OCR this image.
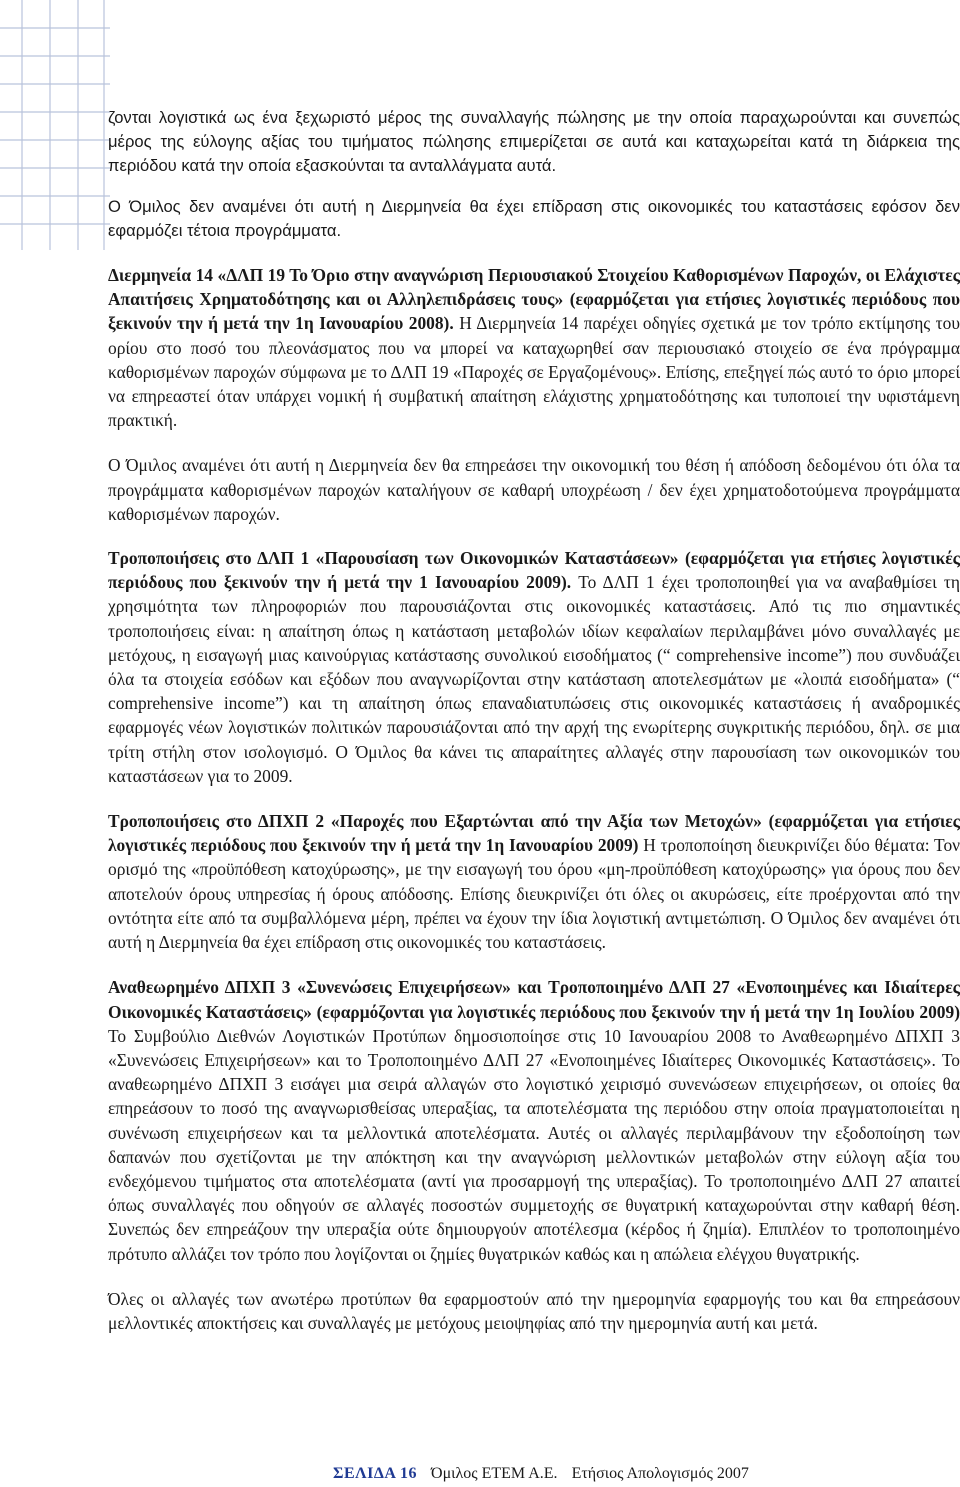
ζονται λογιστικά ως ένα ξεχωριστό μέρος της συναλλαγής πώλησης με την οποία παραχωρούνται και συνεπώς μέρος της εύλογης αξίας του τιμήματος πώλησης επιμερίζεται σε αυτά και καταχωρείται κατά τη διάρκεια της περιόδου κατά την οποία εξασκούνται τα ανταλλάγματα αυτά.

Ο Όμιλος δεν αναμένει ότι αυτή η Διερμηνεία θα έχει επίδραση στις οικονομικές του καταστάσεις εφόσον δεν εφαρμόζει τέτοια προγράμματα.

Διερμηνεία 14 «ΔΛΠ 19 Το Όριο στην αναγνώριση Περιουσιακού Στοιχείου Καθορισμένων Παροχών, οι Ελάχιστες Απαιτήσεις Χρηματοδότησης και οι Αλληλεπιδράσεις τους» (εφαρμόζεται για ετήσιες λογιστικές περιόδους που ξεκινούν την ή μετά την 1η Ιανουαρίου 2008). Η Διερμηνεία 14 παρέχει οδηγίες σχετικά με τον τρόπο εκτίμησης του ορίου στο ποσό του πλεονάσματος που να μπορεί να καταχωρηθεί σαν περιουσιακό στοιχείο σε ένα πρόγραμμα καθορισμένων παροχών σύμφωνα με το ΔΛΠ 19 «Παροχές σε Εργαζομένους». Επίσης, επεξηγεί πώς αυτό το όριο μπορεί να επηρεαστεί όταν υπάρχει νομική ή συμβατική απαίτηση ελάχιστης χρηματοδότησης και τυποποιεί την υφιστάμενη πρακτική.

Ο Όμιλος αναμένει ότι αυτή η Διερμηνεία δεν θα επηρεάσει την οικονομική του θέση ή απόδοση δεδομένου ότι όλα τα προγράμματα καθορισμένων παροχών καταλήγουν σε καθαρή υποχρέωση / δεν έχει χρηματοδοτούμενα προγράμματα καθορισμένων παροχών.

Τροποποιήσεις στο ΔΛΠ 1 «Παρουσίαση των Οικονομικών Καταστάσεων» (εφαρμόζεται για ετήσιες λογιστικές περιόδους που ξεκινούν την ή μετά την 1 Ιανουαρίου 2009). Το ΔΛΠ 1 έχει τροποποιηθεί για να αναβαθμίσει τη χρησιμότητα των πληροφοριών που παρουσιάζονται στις οικονομικές καταστάσεις. Από τις πιο σημαντικές τροποποιήσεις είναι: η απαίτηση όπως η κατάσταση μεταβολών ιδίων κεφαλαίων περιλαμβάνει μόνο συναλλαγές με μετόχους, η εισαγωγή μιας καινούργιας κατάστασης συνολικού εισοδήματος (“ comprehensive income”) που συνδυάζει όλα τα στοιχεία εσόδων και εξόδων που αναγνωρίζονται στην κατάσταση αποτελεσμάτων με «λοιπά εισοδήματα» (“ comprehensive income”) και τη απαίτηση όπως επαναδιατυπώσεις στις οικονομικές καταστάσεις ή αναδρομικές εφαρμογές νέων λογιστικών πολιτικών παρουσιάζονται από την αρχή της ενωρίτερης συγκριτικής περιόδου, δηλ. σε μια τρίτη στήλη στον ισολογισμό. Ο Όμιλος θα κάνει τις απαραίτητες αλλαγές στην παρουσίαση των οικονομικών του καταστάσεων για το 2009.
Τροποποιήσεις στο ΔΠΧΠ 2 «Παροχές που Εξαρτώνται από την Αξία των Μετοχών» (εφαρμόζεται για ετήσιες λογιστικές περιόδους που ξεκινούν την ή μετά την 1η Ιανουαρίου 2009) Η τροποποίηση διευκρινίζει δύο θέματα: Τον ορισμό της «προϋπόθεση κατοχύρωσης», με την εισαγωγή του όρου «μη-προϋπόθεση κατοχύρωσης» για όρους που δεν αποτελούν όρους υπηρεσίας ή όρους απόδοσης. Επίσης διευκρινίζει ότι όλες οι ακυρώσεις, είτε προέρχονται από την οντότητα είτε από τα συμβαλλόμενα μέρη, πρέπει να έχουν την ίδια λογιστική αντιμετώπιση. Ο Όμιλος δεν αναμένει ότι αυτή η Διερμηνεία θα έχει επίδραση στις οικονομικές του καταστάσεις.
Αναθεωρημένο ΔΠΧΠ 3 «Συνενώσεις Επιχειρήσεων» και Τροποποιημένο ΔΛΠ 27 «Ενοποιημένες και Ιδιαίτερες Οικονομικές Καταστάσεις» (εφαρμόζονται για λογιστικές περιόδους που ξεκινούν την ή μετά την 1η Ιουλίου 2009) Το Συμβούλιο Διεθνών Λογιστικών Προτύπων δημοσιοποίησε στις 10 Ιανουαρίου 2008 το Αναθεωρημένο ΔΠΧΠ 3 «Συνενώσεις Επιχειρήσεων» και το Τροποποιημένο ΔΛΠ 27 «Ενοποιημένες Ιδιαίτερες Οικονομικές Καταστάσεις». Το αναθεωρημένο ΔΠΧΠ 3 εισάγει μια σειρά αλλαγών στο λογιστικό χειρισμό συνενώσεων επιχειρήσεων, οι οποίες θα επηρεάσουν το ποσό της αναγνωρισθείσας υπεραξίας, τα αποτελέσματα της περιόδου στην οποία πραγματοποιείται η συνένωση επιχειρήσεων και τα μελλοντικά αποτελέσματα. Αυτές οι αλλαγές περιλαμβάνουν την εξοδοποίηση των δαπανών που σχετίζονται με την απόκτηση και την αναγνώριση μελλοντικών μεταβολών στην εύλογη αξία του ενδεχόμενου τιμήματος στα αποτελέσματα (αντί για προσαρμογή της υπεραξίας). Το τροποποιημένο ΔΛΠ 27 απαιτεί όπως συναλλαγές που οδηγούν σε αλλαγές ποσοστών συμμετοχής σε θυγατρική καταχωρούνται στην καθαρή θέση. Συνεπώς δεν επηρεάζουν την υπεραξία ούτε δημιουργούν αποτέλεσμα (κέρδος ή ζημία). Επιπλέον το τροποποιημένο πρότυπο αλλάζει τον τρόπο που λογίζονται οι ζημίες θυγατρικών καθώς και η απώλεια ελέγχου θυγατρικής.

Όλες οι αλλαγές των ανωτέρω προτύπων θα εφαρμοστούν από την ημερομηνία εφαρμογής του και θα επηρεάσουν μελλοντικές αποκτήσεις και συναλλαγές με μετόχους μειοψηφίας από την ημερομηνία αυτή και μετά.

ΣΕΛΙΔΑ 16 Όμιλος ΕΤΕΜ Α.Ε. Ετήσιος Απολογισμός 2007
